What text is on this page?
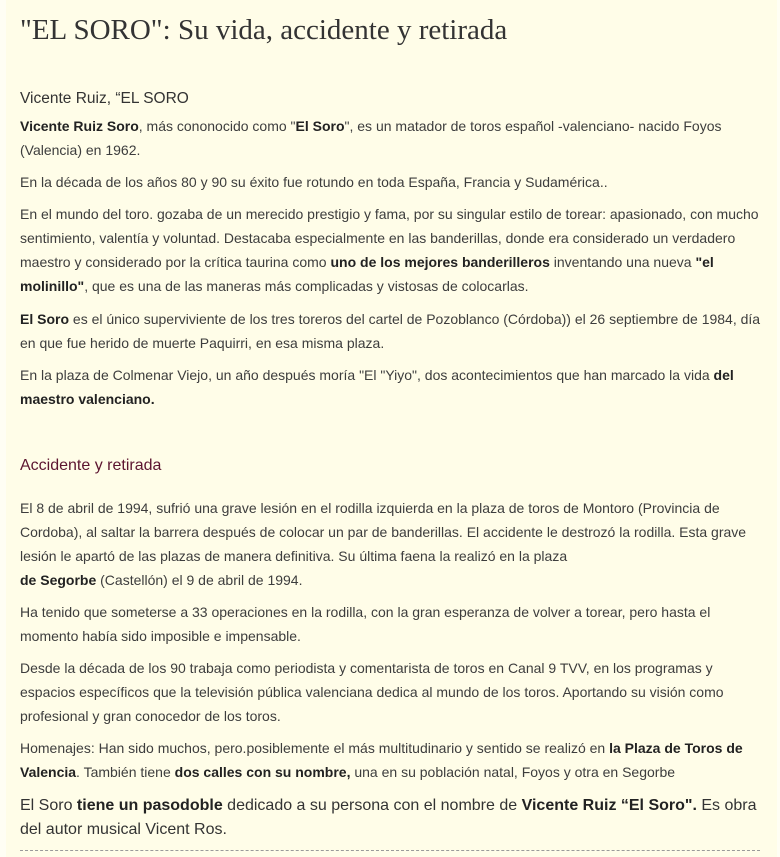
"EL SORO": Su vida, accidente y retirada
Vicente Ruiz, “EL SORO

Vicente Ruiz Soro, más cononocido como "El Soro", es un matador de toros español -valenciano- nacido Foyos (Valencia) en 1962.

En la década de los años 80 y 90 su éxito fue rotundo en toda España, Francia y Sudamérica..

En el mundo del toro. gozaba de un merecido prestigio y fama, por su singular estilo de torear: apasionado, con mucho sentimiento, valentía y voluntad. Destacaba especialmente en las banderillas, donde era considerado un verdadero maestro y considerado por la crítica taurina como uno de los mejores banderilleros inventando una nueva "el molinillo", que es una de las maneras más complicadas y vistosas de colocarlas.

El Soro es el único superviviente de los tres toreros del cartel de Pozoblanco (Córdoba)) el 26 septiembre de 1984, día en que fue herido de muerte Paquirri, en esa misma plaza.

En la plaza de Colmenar Viejo, un año después moría "El "Yiyo", dos acontecimientos que han marcado la vida del maestro valenciano.

Accidente y retirada

El 8 de abril de 1994, sufrió una grave lesión en el rodilla izquierda en la plaza de toros de Montoro (Provincia de Cordoba), al saltar la barrera después de colocar un par de banderillas. El accidente le destrozó la rodilla. Esta grave lesión le apartó de las plazas de manera definitiva. Su última faena la realizó en la plaza
de Segorbe (Castellón) el 9 de abril de 1994.

Ha tenido que someterse a 33 operaciones en la rodilla, con la gran esperanza de volver a torear, pero hasta el momento había sido imposible e impensable.

Desde la década de los 90 trabaja como periodista y comentarista de toros en Canal 9 TVV, en los programas y espacios específicos que la televisión pública valenciana dedica al mundo de los toros. Aportando su visión como profesional y gran conocedor de los toros.

Homenajes: Han sido muchos, pero.posiblemente el más multitudinario y sentido se realizó en la Plaza de Toros de Valencia. También tiene dos calles con su nombre, una en su población natal, Foyos y otra en Segorbe

El Soro tiene un pasodoble dedicado a su persona con el nombre de Vicente Ruiz “El Soro". Es obra del autor musical Vicent Ros.
